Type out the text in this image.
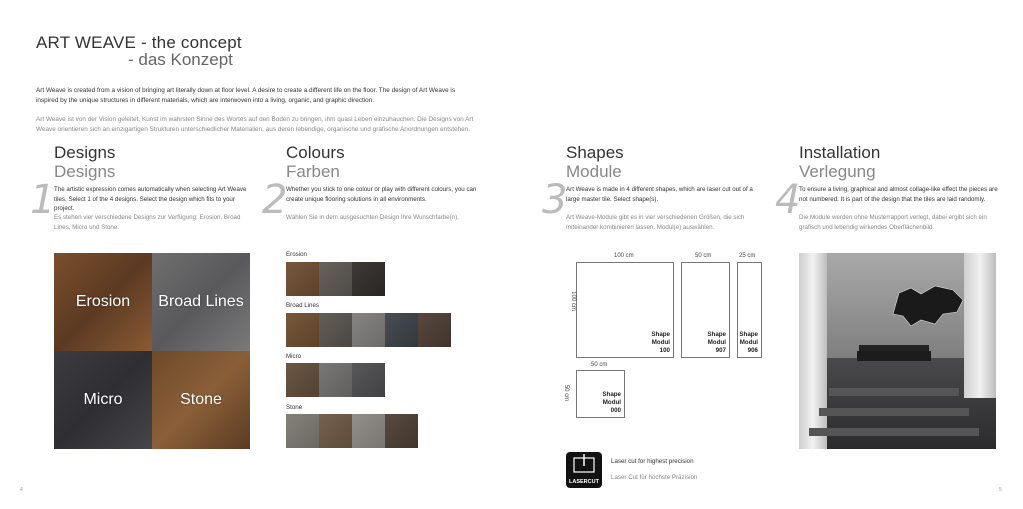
ART WEAVE - the concept
- das Konzept
Art Weave is created from a vision of bringing art literally down at floor level. A desire to create a different life on the floor. The design of Art Weave is inspired by the unique structures in different materials, which are interwoven into a living, organic, and graphic direction.
Art Weave ist von der Vision geleitet, Kunst im wahrsten Sinne des Wortes auf den Boden zu bringen, ihm quasi Leben einzuhauchen. Die Designs von Art Weave orientieren sich an einzigartigen Strukturen unterschiedlicher Materialien, aus deren lebendige, organische und grafische Anordnungen entstehen.
Designs
Designs
1
The artistic expression comes automatically when selecting Art Weave tiles. Select 1 of the 4 designs. Select the design which fits to your project.
Es stehen vier verschiedene Designs zur Verfügung: Erosion, Broad Lines, Micro und Stone.
Erosion Broad Lines
Micro	Stone
Colours
Farben
2
Whether you stick to one colour or play with different colours, you can create unique flooring solutions in all environments.
Wählen Sie in dem ausgesuchten Design Ihre Wunschfarbe(n).
Erosion
Broad Lines
Micro
Stone
Shapes
Module
3
Art Weave is made in 4 different shapes, which are laser cut out of a large master tile. Select shape(s).
Art Weave-Module gibt es in vier verschiedenen Größen, die sich miteinander kombinieren lassen. Modul(e) auswählen.
100 cm
Shape
Modul
100
100 cm
50 cm
Shape
Modul
907
25 cm
Shape
Modul
906
50 cm
Shape
Modul
000
50 cm
LASERCUT
Laser cut for highest precision
Laser Cut für höchste Präzision
Installation
Verlegung
4
To ensure a living, graphical and almost collage-like effect the pieces are not numbered. It is part of the design that the tiles are laid randomly.
Die Module werden ohne Musterrapport verlegt, dabei ergibt sich ein grafisch und lebendig wirkendes Oberflächenbild.
4	5
